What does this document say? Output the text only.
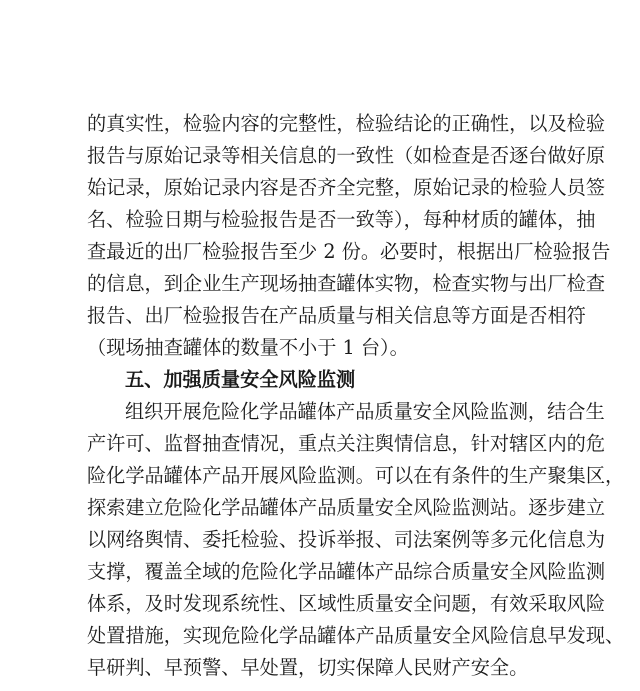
的真实性，检验内容的完整性，检验结论的正确性，以及检验
报告与原始记录等相关信息的一致性（如检查是否逐台做好原
始记录，原始记录内容是否齐全完整，原始记录的检验人员签
名、检验日期与检验报告是否一致等），每种材质的罐体，抽
查最近的出厂检验报告至少 2 份。必要时，根据出厂检验报告
的信息，到企业生产现场抽查罐体实物，检查实物与出厂检查
报告、出厂检验报告在产品质量与相关信息等方面是否相符
（现场抽查罐体的数量不小于 1 台）。
五、加强质量安全风险监测
组织开展危险化学品罐体产品质量安全风险监测，结合生
产许可、监督抽查情况，重点关注舆情信息，针对辖区内的危
险化学品罐体产品开展风险监测。可以在有条件的生产聚集区，
探索建立危险化学品罐体产品质量安全风险监测站。逐步建立
以网络舆情、委托检验、投诉举报、司法案例等多元化信息为
支撑，覆盖全域的危险化学品罐体产品综合质量安全风险监测
体系，及时发现系统性、区域性质量安全问题，有效采取风险
处置措施，实现危险化学品罐体产品质量安全风险信息早发现、
早研判、早预警、早处置，切实保障人民财产安全。
